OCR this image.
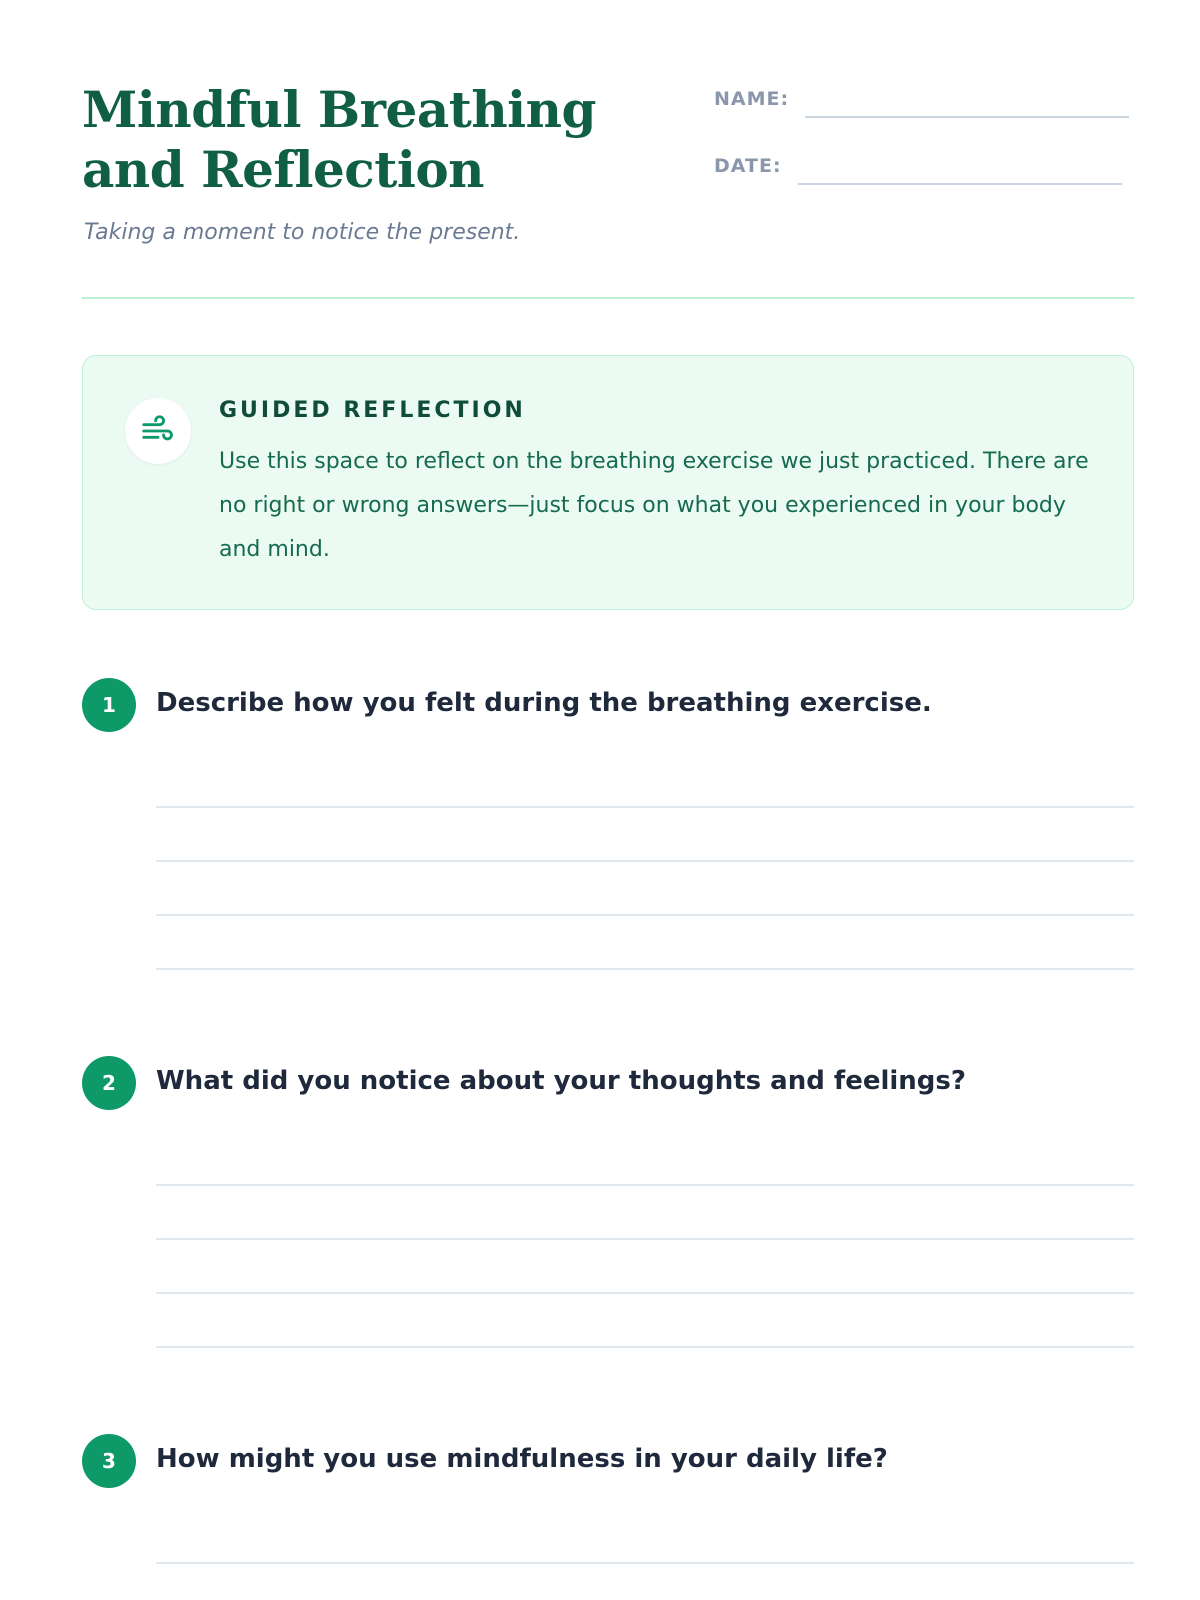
Mindful Breathing and Reflection
Taking a moment to notice the present.
NAME:
DATE:
GUIDED REFLECTION
Use this space to reflect on the breathing exercise we just practiced. There are no right or wrong answers—just focus on what you experienced in your body and mind.
1	Describe how you felt during the breathing exercise.
2	What did you notice about your thoughts and feelings?
3	How might you use mindfulness in your daily life?
